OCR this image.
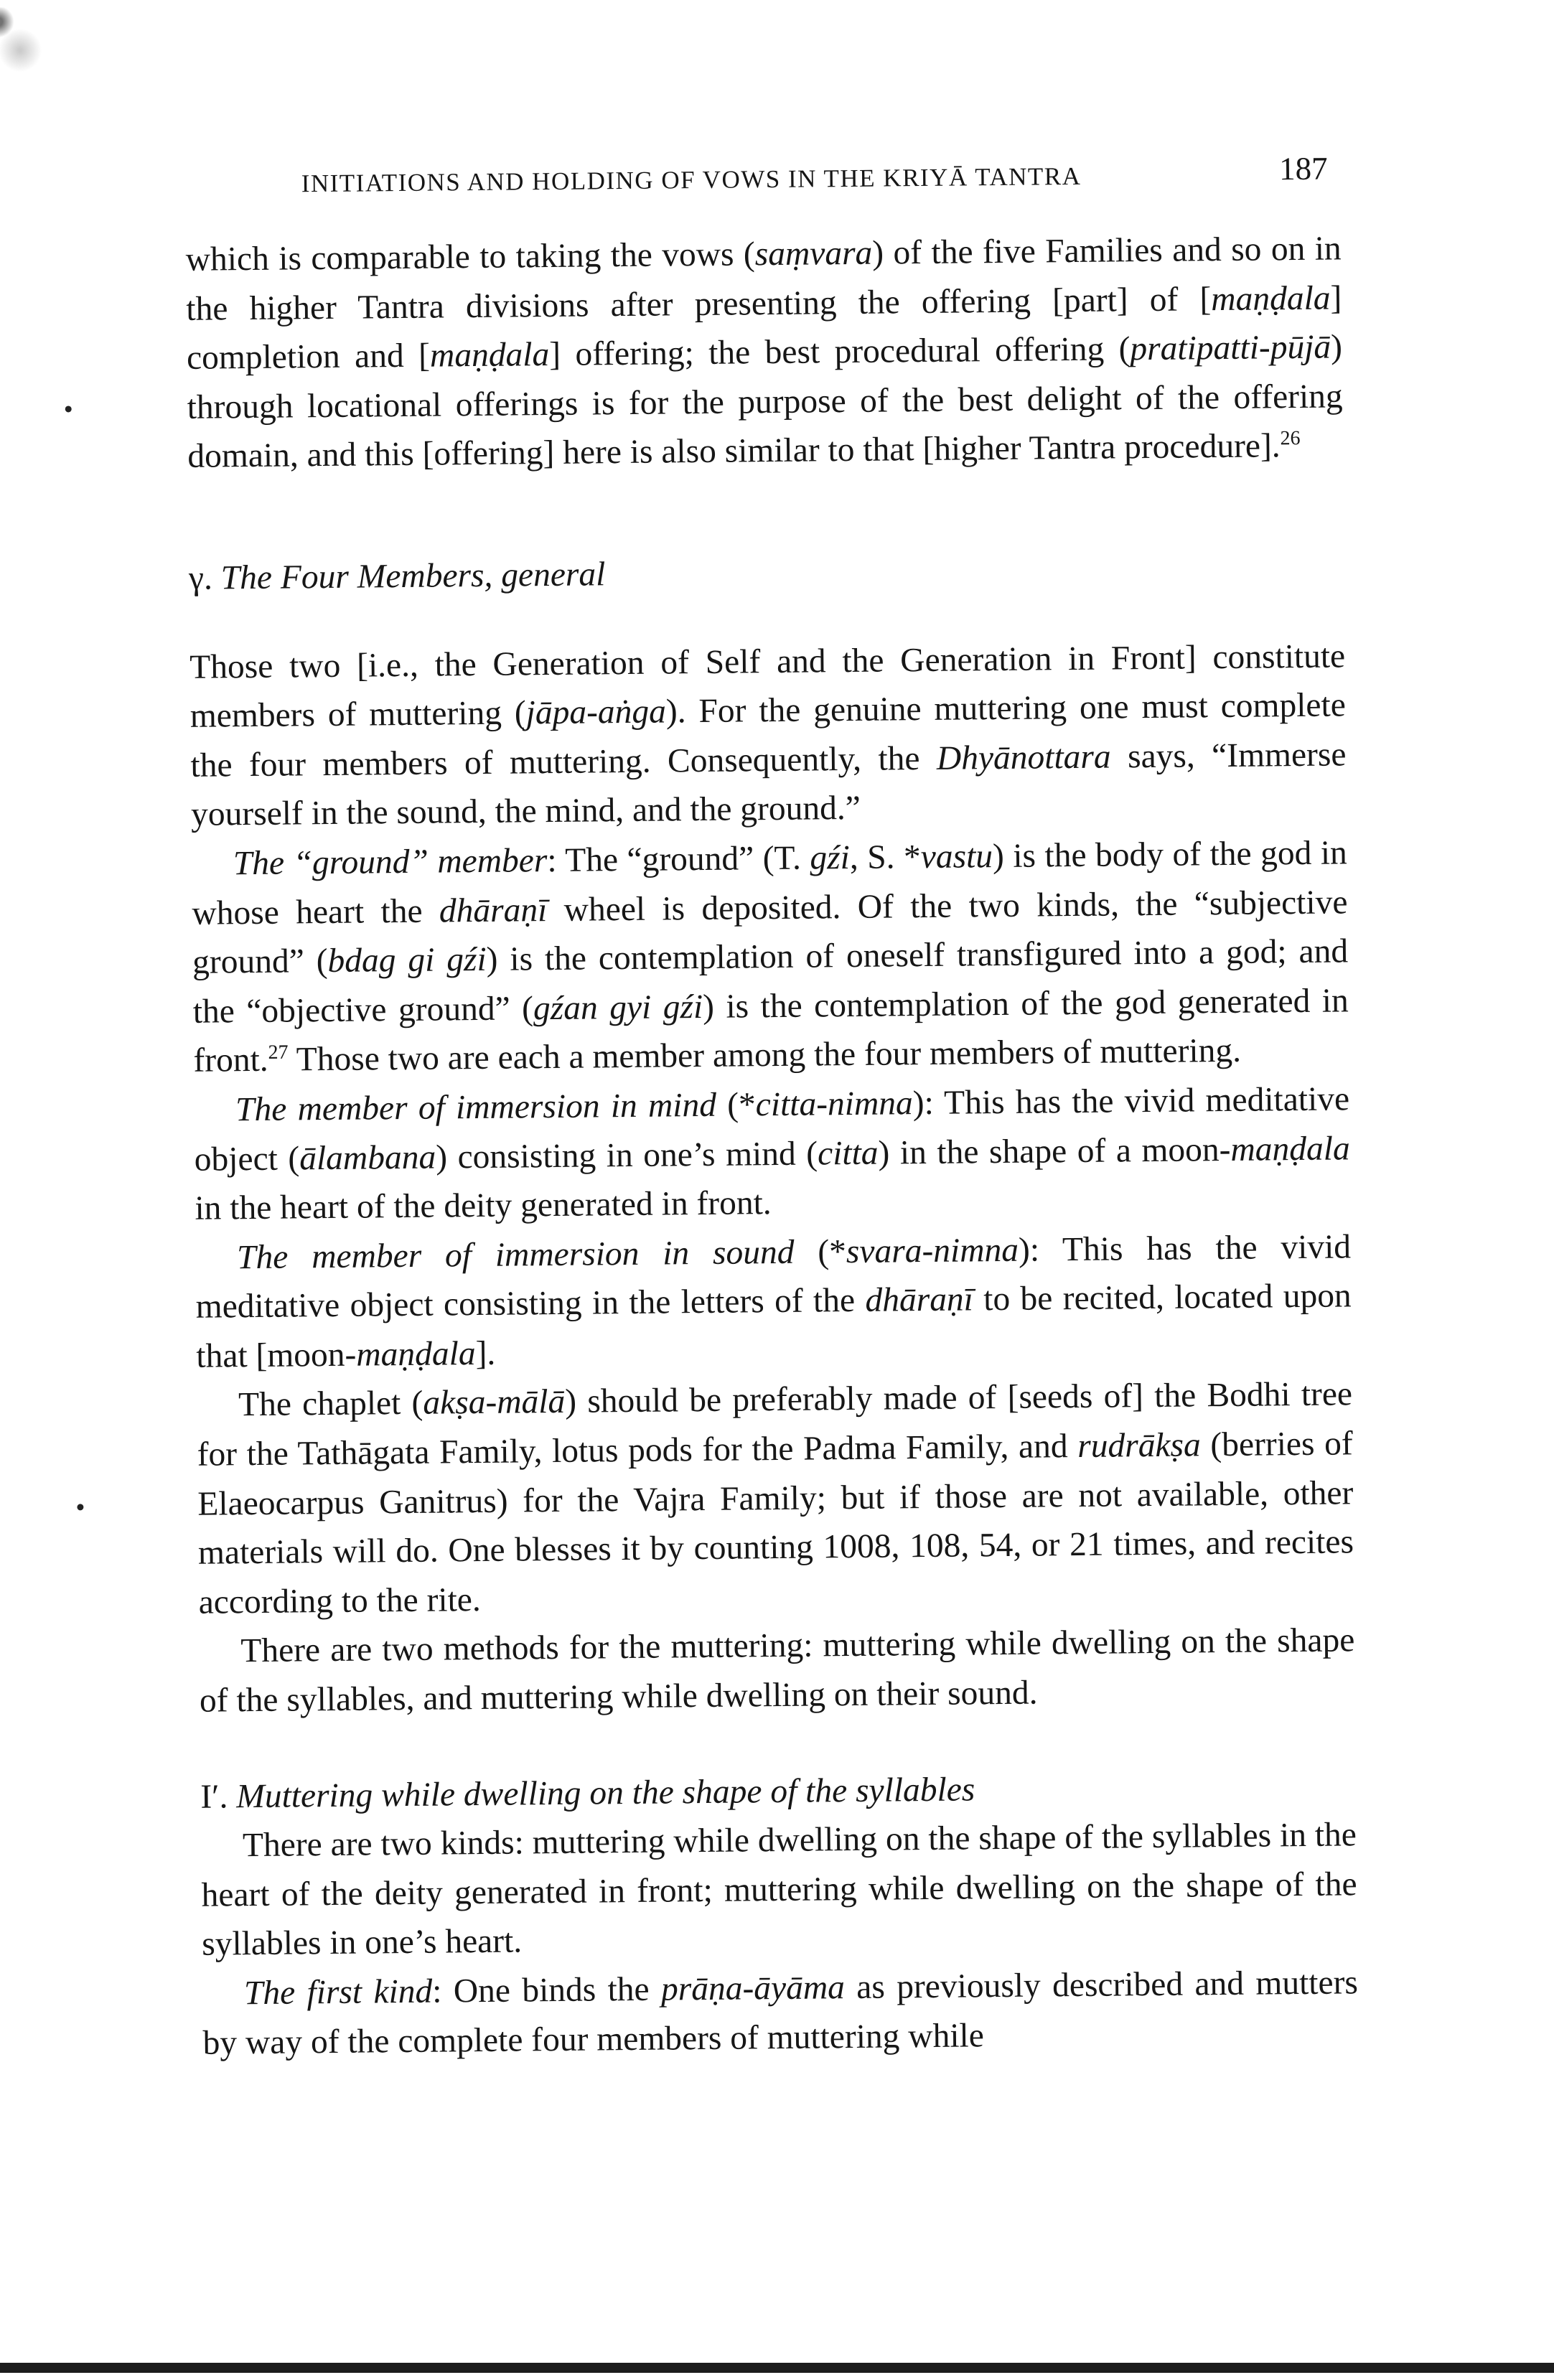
INITIATIONS AND HOLDING OF VOWS IN THE KRIYĀ TANTRA	187

which is comparable to taking the vows (saṃvara) of the five Families and so on in the higher Tantra divisions after presenting the offering [part] of [maṇḍala] completion and [maṇḍala] offering; the best procedural offering (pratipatti-pūjā) through locational offerings is for the purpose of the best delight of the offering domain, and this [offering] here is also similar to that [higher Tantra procedure].$^{26}$

γ. The Four Members, general

Those two [i.e., the Generation of Self and the Generation in Front] constitute members of muttering (jāpa-aṅga). For the genuine muttering one must complete the four members of muttering. Consequently, the Dhyānottara says, “Immerse yourself in the sound, the mind, and the ground.”

The “ground” member: The “ground” (T. gźi, S. *vastu) is the body of the god in whose heart the dhāraṇī wheel is deposited. Of the two kinds, the “subjective ground” (bdag gi gźi) is the contemplation of oneself transfigured into a god; and the “objective ground” (gźan gyi gźi) is the contemplation of the god generated in front.$^{27}$ Those two are each a member among the four members of muttering.

The member of immersion in mind (*citta-nimna): This has the vivid meditative object (ālambana) consisting in one’s mind (citta) in the shape of a moon-maṇḍala in the heart of the deity generated in front.

The member of immersion in sound (*svara-nimna): This has the vivid meditative object consisting in the letters of the dhāraṇī to be recited, located upon that [moon-maṇḍala].

The chaplet (akṣa-mālā) should be preferably made of [seeds of] the Bodhi tree for the Tathāgata Family, lotus pods for the Padma Family, and rudrākṣa (berries of Elaeocarpus Ganitrus) for the Vajra Family; but if those are not available, other materials will do. One blesses it by counting 1008, 108, 54, or 21 times, and recites according to the rite.

There are two methods for the muttering: muttering while dwelling on the shape of the syllables, and muttering while dwelling on their sound.

I′. Muttering while dwelling on the shape of the syllables

There are two kinds: muttering while dwelling on the shape of the syllables in the heart of the deity generated in front; muttering while dwelling on the shape of the syllables in one’s heart.

The first kind: One binds the prāṇa-āyāma as previously described and mutters by way of the complete four members of muttering while
